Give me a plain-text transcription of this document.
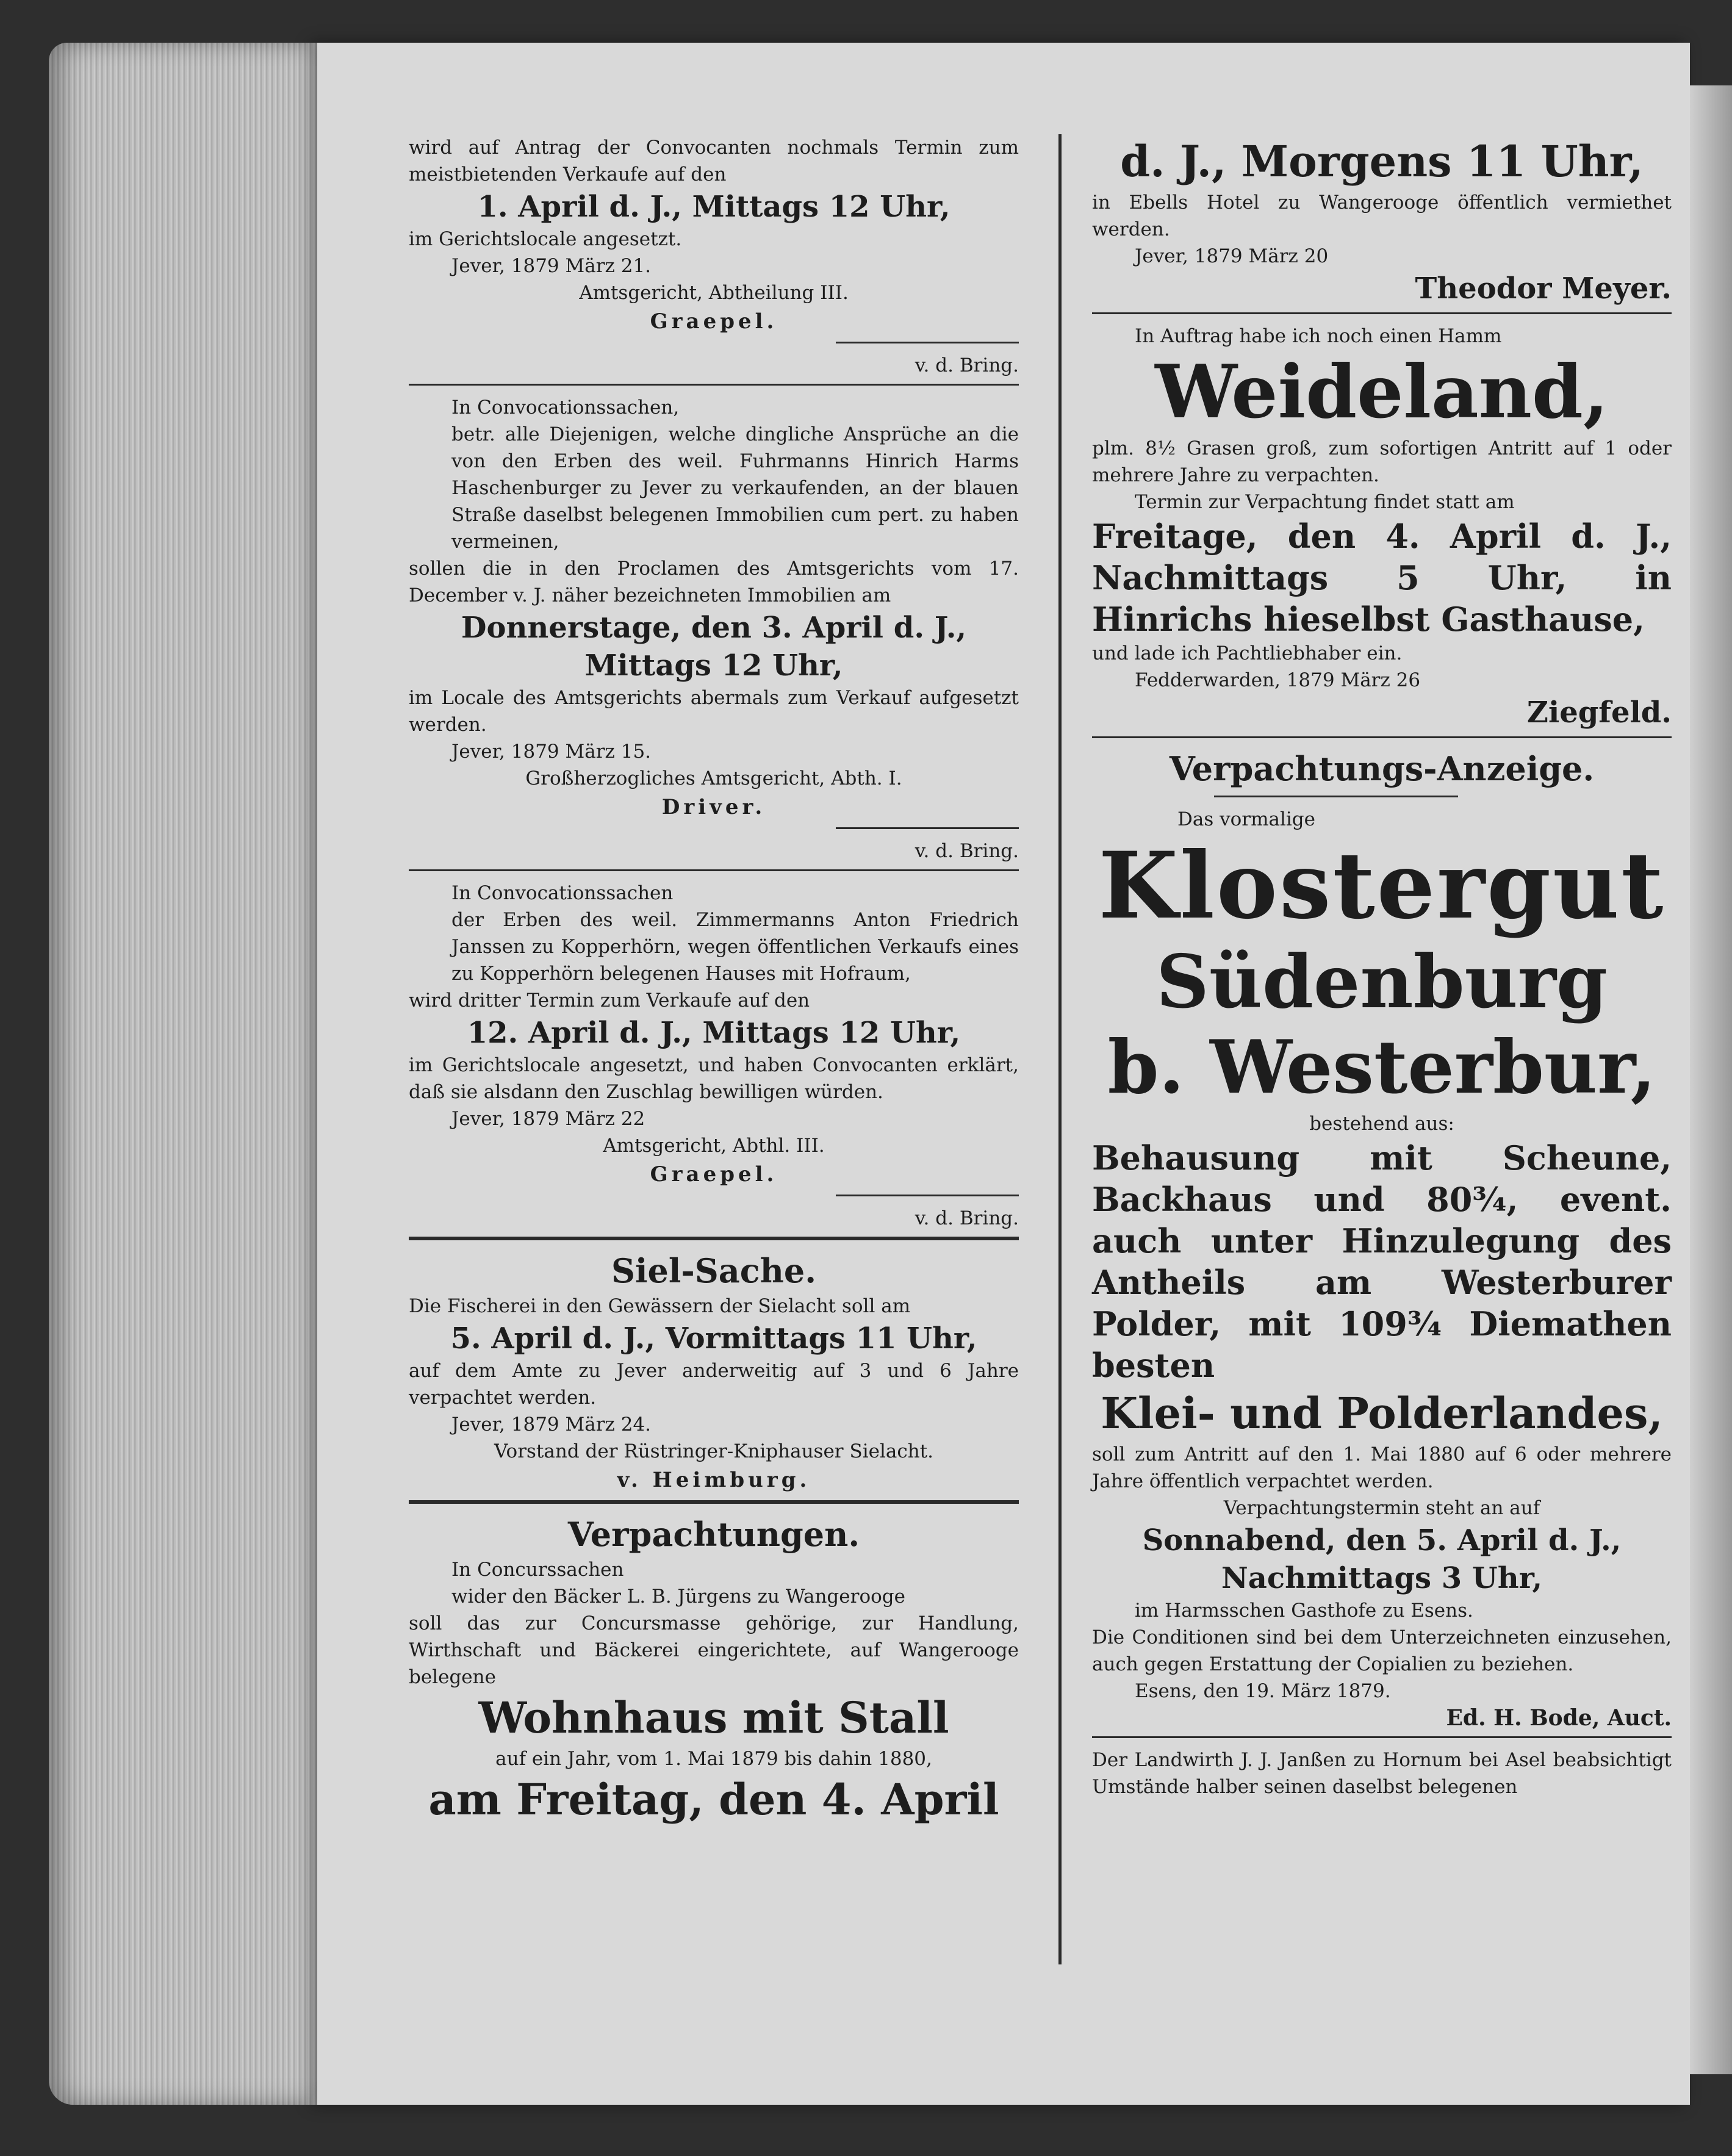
wird auf Antrag der Convocanten nochmals Termin zum meistbietenden Verkaufe auf den

1. April d. J., Mittags 12 Uhr,

im Gerichtslocale angesetzt.

Jever, 1879 März 21.

Amtsgericht, Abtheilung III.

Graepel.

v. d. Bring.

In Convocationssachen,

betr. alle Diejenigen, welche dingliche Ansprüche an die von den Erben des weil. Fuhrmanns Hinrich Harms Haschenburger zu Jever zu verkaufenden, an der blauen Straße daselbst belegenen Immobilien cum pert. zu haben vermeinen,

sollen die in den Proclamen des Amtsgerichts vom 17. December v. J. näher bezeichneten Immobilien am

Donnerstage, den 3. April d. J.,

Mittags 12 Uhr,

im Locale des Amtsgerichts abermals zum Verkauf aufgesetzt werden.

Jever, 1879 März 15.

Großherzogliches Amtsgericht, Abth. I.

Driver.

v. d. Bring.

In Convocationssachen

der Erben des weil. Zimmermanns Anton Friedrich Janssen zu Kopperhörn, wegen öffentlichen Verkaufs eines zu Kopperhörn belegenen Hauses mit Hofraum,

wird dritter Termin zum Verkaufe auf den

12. April d. J., Mittags 12 Uhr,

im Gerichtslocale angesetzt, und haben Convocanten erklärt, daß sie alsdann den Zuschlag bewilligen würden.

Jever, 1879 März 22

Amtsgericht, Abthl. III.

Graepel.

v. d. Bring.

Siel-Sache.

Die Fischerei in den Gewässern der Sielacht soll am

5. April d. J., Vormittags 11 Uhr,

auf dem Amte zu Jever anderweitig auf 3 und 6 Jahre verpachtet werden.

Jever, 1879 März 24.

Vorstand der Rüstringer-Kniphauser Sielacht.

v. Heimburg.

Verpachtungen.

In Concurssachen

wider den Bäcker L. B. Jürgens zu Wangerooge

soll das zur Concursmasse gehörige, zur Handlung, Wirthschaft und Bäckerei eingerichtete, auf Wangerooge belegene

Wohnhaus mit Stall

auf ein Jahr, vom 1. Mai 1879 bis dahin 1880,

am Freitag, den 4. April

d. J., Morgens 11 Uhr,

in Ebells Hotel zu Wangerooge öffentlich vermiethet werden.

Jever, 1879 März 20

Theodor Meyer.

In Auftrag habe ich noch einen Hamm

Weideland,

plm. 8½ Grasen groß, zum sofortigen Antritt auf 1 oder mehrere Jahre zu verpachten.

Termin zur Verpachtung findet statt am

Freitage, den 4. April d. J., Nachmittags 5 Uhr, in Hinrichs hieselbst Gasthause,

und lade ich Pachtliebhaber ein.

Fedderwarden, 1879 März 26

Ziegfeld.

Verpachtungs-Anzeige.

Das vormalige

Klostergut

Südenburg

b. Westerbur,

bestehend aus:

Behausung mit Scheune, Backhaus und 80¾, event. auch unter Hinzulegung des Antheils am Westerburer Polder, mit 109¾ Diemathen besten

Klei- und Polderlandes,

soll zum Antritt auf den 1. Mai 1880 auf 6 oder mehrere Jahre öffentlich verpachtet werden.

Verpachtungstermin steht an auf

Sonnabend, den 5. April d. J.,

Nachmittags 3 Uhr,

im Harmsschen Gasthofe zu Esens.

Die Conditionen sind bei dem Unterzeichneten einzusehen, auch gegen Erstattung der Copialien zu beziehen.

Esens, den 19. März 1879.

Ed. H. Bode, Auct.

Der Landwirth J. J. Janßen zu Hornum bei Asel beabsichtigt Umstände halber seinen daselbst belegenen
